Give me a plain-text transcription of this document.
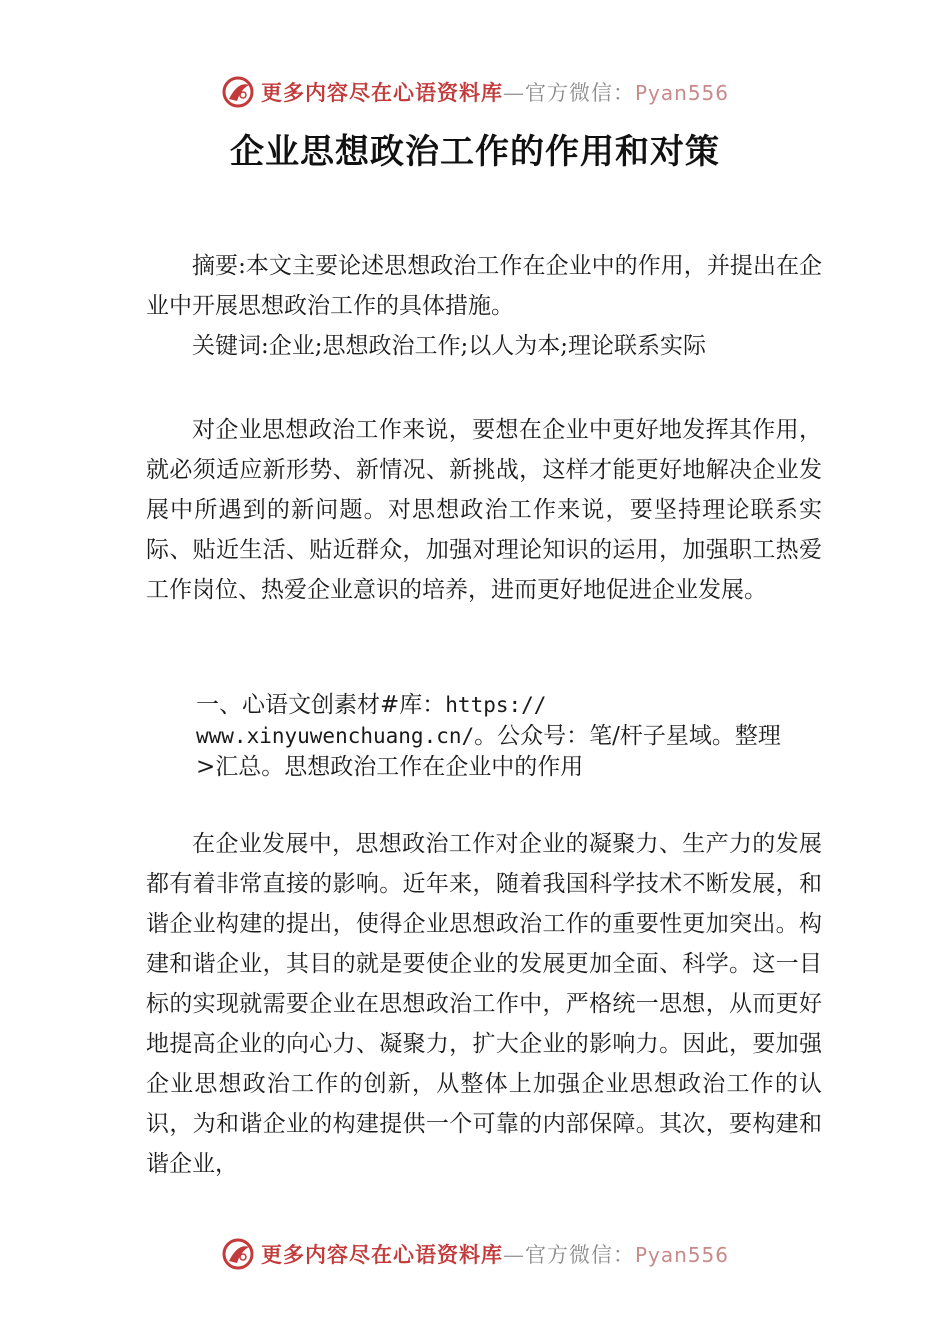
更多内容尽在心语资料库—官方微信：Pyan556
企业思想政治工作的作用和对策

摘要:本文主要论述思想政治工作在企业中的作用，并提出在企业中开展思想政治工作的具体措施。

关键词:企业;思想政治工作;以人为本;理论联系实际

对企业思想政治工作来说，要想在企业中更好地发挥其作用，就必须适应新形势、新情况、新挑战，这样才能更好地解决企业发展中所遇到的新问题。对思想政治工作来说，要坚持理论联系实际、贴近生活、贴近群众，加强对理论知识的运用，加强职工热爱工作岗位、热爱企业意识的培养，进而更好地促进企业发展。

一、心语文创素材#库：https://

www.xinyuwenchuang.cn/。公众号：笔/杆子星域。整理

>汇总。思想政治工作在企业中的作用

在企业发展中，思想政治工作对企业的凝聚力、生产力的发展都有着非常直接的影响。近年来，随着我国科学技术不断发展，和谐企业构建的提出，使得企业思想政治工作的重要性更加突出。构建和谐企业，其目的就是要使企业的发展更加全面、科学。这一目标的实现就需要企业在思想政治工作中，严格统一思想，从而更好地提高企业的向心力、凝聚力，扩大企业的影响力。因此，要加强企业思想政治工作的创新，从整体上加强企业思想政治工作的认识，为和谐企业的构建提供一个可靠的内部保障。其次，要构建和谐企业，

更多内容尽在心语资料库—官方微信：Pyan556
